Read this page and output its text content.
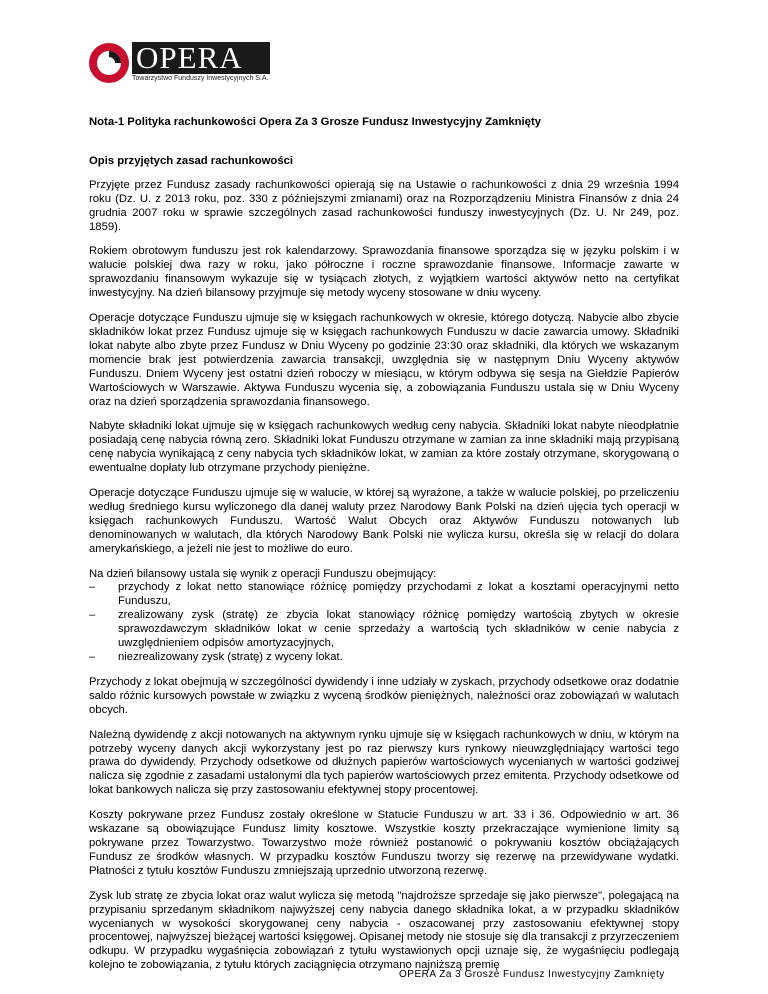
OPERA
Towarzystwo Funduszy Inwestycyjnych S.A.
Nota-1 Polityka rachunkowości Opera Za 3 Grosze Fundusz Inwestycyjny Zamknięty
Opis przyjętych zasad rachunkowości

Przyjęte przez Fundusz zasady rachunkowości opierają się na Ustawie o rachunkowości z dnia 29 września 1994 roku (Dz. U. z 2013 roku, poz. 330 z późniejszymi zmianami) oraz na Rozporządzeniu Ministra Finansów z dnia 24 grudnia 2007 roku w sprawie szczególnych zasad rachunkowości funduszy inwestycyjnych (Dz. U. Nr 249, poz. 1859).

Rokiem obrotowym funduszu jest rok kalendarzowy. Sprawozdania finansowe sporządza się w języku polskim i w walucie polskiej dwa razy w roku, jako półroczne i roczne sprawozdanie finansowe. Informacje zawarte w sprawozdaniu finansowym wykazuje się w tysiącach złotych, z wyjątkiem wartości aktywów netto na certyfikat inwestycyjny. Na dzień bilansowy przyjmuje się metody wyceny stosowane w dniu wyceny.

Operacje dotyczące Funduszu ujmuje się w księgach rachunkowych w okresie, którego dotyczą. Nabycie albo zbycie składników lokat przez Fundusz ujmuje się w księgach rachunkowych Funduszu w dacie zawarcia umowy. Składniki lokat nabyte albo zbyte przez Fundusz w Dniu Wyceny po godzinie 23:30 oraz składniki, dla których we wskazanym momencie brak jest potwierdzenia zawarcia transakcji, uwzględnia się w następnym Dniu Wyceny aktywów Funduszu. Dniem Wyceny jest ostatni dzień roboczy w miesiącu, w którym odbywa się sesja na Giełdzie Papierów Wartościowych w Warszawie. Aktywa Funduszu wycenia się, a zobowiązania Funduszu ustala się w Dniu Wyceny oraz na dzień sporządzenia sprawozdania finansowego.

Nabyte składniki lokat ujmuje się w księgach rachunkowych według ceny nabycia. Składniki lokat nabyte nieodpłatnie posiadają cenę nabycia równą zero. Składniki lokat Funduszu otrzymane w zamian za inne składniki mają przypisaną cenę nabycia wynikającą z ceny nabycia tych składników lokat, w zamian za które zostały otrzymane, skorygowaną o ewentualne dopłaty lub otrzymane przychody pieniężne.

Operacje dotyczące Funduszu ujmuje się w walucie, w której są wyrażone, a także w walucie polskiej, po przeliczeniu według średniego kursu wyliczonego dla danej waluty przez Narodowy Bank Polski na dzień ujęcia tych operacji w księgach rachunkowych Funduszu. Wartość Walut Obcych oraz Aktywów Funduszu notowanych lub denominowanych w walutach, dla których Narodowy Bank Polski nie wylicza kursu, określa się w relacji do dolara amerykańskiego, a jeżeli nie jest to możliwe do euro.

Na dzień bilansowy ustala się wynik z operacji Funduszu obejmujący:
– przychody z lokat netto stanowiące różnicę pomiędzy przychodami z lokat a kosztami operacyjnymi netto Funduszu,
– zrealizowany zysk (stratę) ze zbycia lokat stanowiący różnicę pomiędzy wartością zbytych w okresie sprawozdawczym składników lokat w cenie sprzedaży a wartością tych składników w cenie nabycia z uwzględnieniem odpisów amortyzacyjnych,
– niezrealizowany zysk (stratę) z wyceny lokat.

Przychody z lokat obejmują w szczególności dywidendy i inne udziały w zyskach, przychody odsetkowe oraz dodatnie saldo różnic kursowych powstałe w związku z wyceną środków pieniężnych, należności oraz zobowiązań w walutach obcych.

Należną dywidendę z akcji notowanych na aktywnym rynku ujmuje się w księgach rachunkowych w dniu, w którym na potrzeby wyceny danych akcji wykorzystany jest po raz pierwszy kurs rynkowy nieuwzględniający wartości tego prawa do dywidendy. Przychody odsetkowe od dłużnych papierów wartościowych wycenianych w wartości godziwej nalicza się zgodnie z zasadami ustalonymi dla tych papierów wartościowych przez emitenta. Przychody odsetkowe od lokat bankowych nalicza się przy zastosowaniu efektywnej stopy procentowej.

Koszty pokrywane przez Fundusz zostały określone w Statucie Funduszu w art. 33 i 36. Odpowiednio w art. 36 wskazane są obowiązujące Fundusz limity kosztowe. Wszystkie koszty przekraczające wymienione limity są pokrywane przez Towarzystwo. Towarzystwo może również postanowić o pokrywaniu kosztów obciążających Fundusz ze środków własnych. W przypadku kosztów Funduszu tworzy się rezerwę na przewidywane wydatki. Płatności z tytułu kosztów Funduszu zmniejszają uprzednio utworzoną rezerwę.

Zysk lub stratę ze zbycia lokat oraz walut wylicza się metodą "najdroższe sprzedaje się jako pierwsze", polegającą na przypisaniu sprzedanym składnikom najwyższej ceny nabycia danego składnika lokat, a w przypadku składników wycenianych w wysokości skorygowanej ceny nabycia - oszacowanej przy zastosowaniu efektywnej stopy procentowej, najwyższej bieżącej wartości księgowej. Opisanej metody nie stosuje się dla transakcji z przyrzeczeniem odkupu. W przypadku wygaśnięcia zobowiązań z tytułu wystawionych opcji uznaje się, że wygaśnięciu podlegają kolejno te zobowiązania, z tytułu których zaciągnięcia otrzymano najniższą premię

OPERA Za 3 Grosze Fundusz Inwestycyjny Zamknięty
